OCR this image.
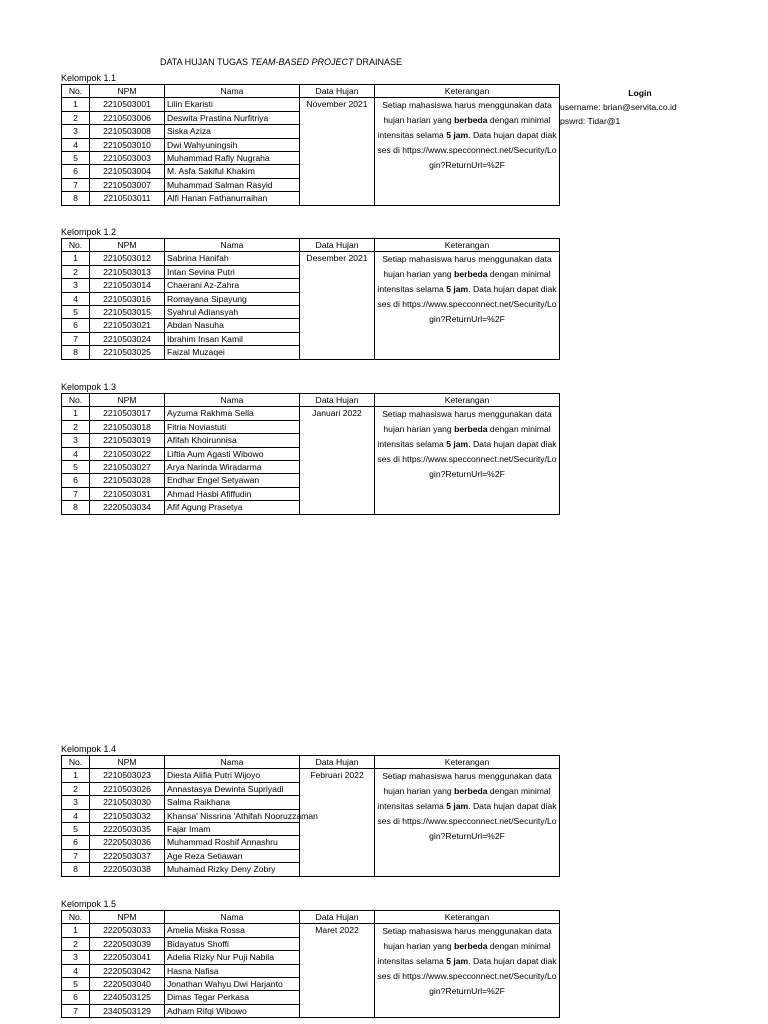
DATA HUJAN TUGAS TEAM-BASED PROJECT DRAINASE
Login
username: brian@servita.co.id
pswrd: Tidar@1
Kelompok 1.1
No.	NPM	Nama	Data Hujan	Keterangan
1	2210503001	Lilin Ekaristi	November 2021	Setiap mahasiswa harus menggunakan data hujan harian yang berbeda dengan minimal intensitas selama 5 jam. Data hujan dapat diakses di https://www.specconnect.net/Security/Login?ReturnUrl=%2F
2	2210503006	Deswita Prastina Nurfitriya		
3	2210503008	Siska Aziza		
4	2210503010	Dwi Wahyuningsih		
5	2210503003	Muhammad Rafly Nugraha		
6	2210503004	M. Asfa Sakiful Khakim		
7	2210503007	Muhammad Salman Rasyid		
8	2210503011	Alfi Hanan Fathanurraihan		
Kelompok 1.2
No.	NPM	Nama	Data Hujan	Keterangan
1	2210503012	Sabrina Hanifah	Desember 2021	Setiap mahasiswa harus menggunakan data hujan harian yang berbeda dengan minimal intensitas selama 5 jam. Data hujan dapat diakses di https://www.specconnect.net/Security/Login?ReturnUrl=%2F
2	2210503013	Intan Sevina Putri		
3	2210503014	Chaerani Az-Zahra		
4	2210503016	Romayana Sipayung		
5	2210503015	Syahrul Adiansyah		
6	2210503021	Abdan Nasuha		
7	2210503024	Ibrahim Insan Kamil		
8	2210503025	Faizal Muzaqei		
Kelompok 1.3
No.	NPM	Nama	Data Hujan	Keterangan
1	2210503017	Ayzuma Rakhma Sella	Januari 2022	Setiap mahasiswa harus menggunakan data hujan harian yang berbeda dengan minimal intensitas selama 5 jam. Data hujan dapat diakses di https://www.specconnect.net/Security/Login?ReturnUrl=%2F
2	2210503018	Fitria Noviastuti		
3	2210503019	Afifah Khoirunnisa		
4	2210503022	Liftia Aum Agasti Wibowo		
5	2210503027	Arya Narinda Wiradarma		
6	2210503028	Endhar Engel Setyawan		
7	2210503031	Ahmad Hasbi Afiffudin		
8	2220503034	Afif Agung Prasetya		
Kelompok 1.4
No.	NPM	Nama	Data Hujan	Keterangan
1	2210503023	Diesta Alifia Putri Wijoyo	Februari 2022	Setiap mahasiswa harus menggunakan data hujan harian yang berbeda dengan minimal intensitas selama 5 jam. Data hujan dapat diakses di https://www.specconnect.net/Security/Login?ReturnUrl=%2F
2	2210503026	Annastasya Dewinta Supriyadi		
3	2210503030	Salma Raikhana		
4	2210503032	Khansa' Nissrina 'Athifah Nooruzzaman		
5	2220503035	Fajar Imam		
6	2220503036	Muhammad Roshif Annashru		
7	2220503037	Age Reza Setiawan		
8	2220503038	Muhamad Rizky Deny Zobry		
Kelompok 1.5
No.	NPM	Nama	Data Hujan	Keterangan
1	2220503033	Amelia Miska Rossa	Maret 2022	Setiap mahasiswa harus menggunakan data hujan harian yang berbeda dengan minimal intensitas selama 5 jam. Data hujan dapat diakses di https://www.specconnect.net/Security/Login?ReturnUrl=%2F
2	2220503039	Bidayatus Shoffi		
3	2220503041	Adelia Rizky Nur Puji Nabila		
4	2220503042	Hasna Nafisa		
5	2220503040	Jonathan Wahyu Dwi Harjanto		
6	2240503125	Dimas Tegar Perkasa		
7	2340503129	Adham Rifqi Wibowo		
